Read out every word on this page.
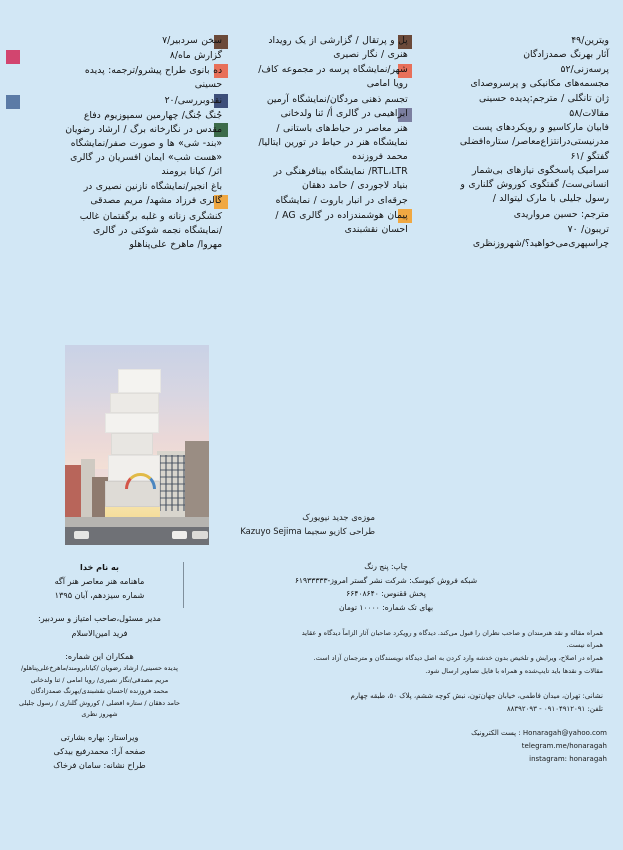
ویترین/۴۹
آثار بهرنگ صمدزادگان
پرسه‌زنی/۵۲
مجسمه‌های مکانیکی و پرسروصدای
ژان تانگلی / مترجم:پدیده حسینی
مقالات/۵۸
فابیان مارکاسیو و رویکردهای پست
مدرنیستی‌درانتزاع‌معاصر/ ستاره‌افضلی
گفتگو /۶۱
سرامیک پاسخگوی نیازهای بی‌شمار
انسانی‌ست/ گفتگوی کوروش گلناری و
رسول جلیلی با مارک لیتوالد /
مترجم: حسین مرواریدی
تریبون/ ۷۰
چراسپهری‌می‌خواهید؟/شهروزنظری
پل و پرتقال / گزارشی از یک رویداد
هنری / نگار نصیری
شهر/نمایشگاه پرسه در مجموعه کاف/
رویا امامی
تجسم ذهنی مردگان/نمایشگاه آرمین
ابراهیمی در گالری أ/ ثنا ولدخانی
هنر معاصر در حیاط‌های باستانی /
نمایشگاه هنر در حیاط در تورین ایتالیا/
محمد فروزنده
RTL،LTR/ نمایشگاه بینافرهنگی در
بنیاد لاجوردی / حامد دهقان
جرقه‌ای در انبار باروت / نمایشگاه
پیمان هوشمندزاده در گالری AG /
احسان نقشبندی
سخن سردبیر/۷
گزارش ماه/۸
ده بانوی طراح پیشرو/ترجمه: پدیده
حسینی
نقدوبررسی/۲۰
جُنگ جُنگ/ چهارمین سمپوزیوم دفاع
مقدس در نگارخانه برگ / ارشاد رضویان
«بند- شی» ها و صورت صفر/نمایشگاه
«هست شب» ایمان افسریان در گالری
اثر/ کیانا برومند
باغ انجیر/نمایشگاه نازنین نصیری در
گالری فرزاد مشهد/ مریم مصدقی
کنشگری زنانه و غلبه برگفتمان غالب
/نمایشگاه نجمه شوکتی در گالری
مهروا/ ماهرخ علی‌پناهلو
موزه‌ی جدید نیویورک
طراحی کازیو سجیما Kazuyo Sejima
چاپ: پنج رنگ
شبکه فروش کیوسک: شرکت نشر گستر امروز-۶۱۹۳۳۳۳۳
پخش ققنوس: ۶۶۴۰۸۶۴۰
بهای تک شماره: ۱۰۰۰۰ تومان
همراه مقاله و نقد هنرمندان و صاحب نظران را قبول می‌کند. دیدگاه و رویکرد صاحبان آثار الزاماً دیدگاه و عقاید
همراه نیست.
همراه در اصلاح، ویرایش و تلخیص بدون خدشه وارد کردن به اصل دیدگاه نویسندگان و مترجمان آزاد است.
مقالات و نقدها باید تایپ‌شده و همراه با فایل تصاویر ارسال شود.
نشانی: تهران، میدان فاطمی، خیابان جهان‌تون، نبش کوچه ششم، پلاک ۵۰، طبقه چهارم
تلفن: ۰۹۱۰۴۹۱۲۰۹۱ - ۸۸۳۹۲۰۹۳
پست الکترونیک : Honaragah@yahoo.com
telegram.me/honaragah
instagram: honaragah
به نام خدا
ماهنامه هنر معاصر هنر آگه
شماره سیزدهم، آبان ۱۳۹۵
مدیر مسئول،صاحب امتیاز و سردبیر:
فرید امین‌الاسلام
همکاران این شماره:
پدیده حسینی/ ارشاد رضویان /کیانابرومند/ماهرخ‌علی‌پناهلو/
مریم مصدقی/نگار نصیری/ رویا امامی / ثنا ولدخانی
محمد فروزنده /احسان نقشبندی/بهرنگ صمدزادگان
حامد دهقان / ستاره افضلی / کوروش گلناری / رسول جلیلی
شهروز نظری
ویراستار: بهاره بشارتی
صفحه آرا: محمدرفیع بیدکی
طراح نشانه: سامان فرخاک
